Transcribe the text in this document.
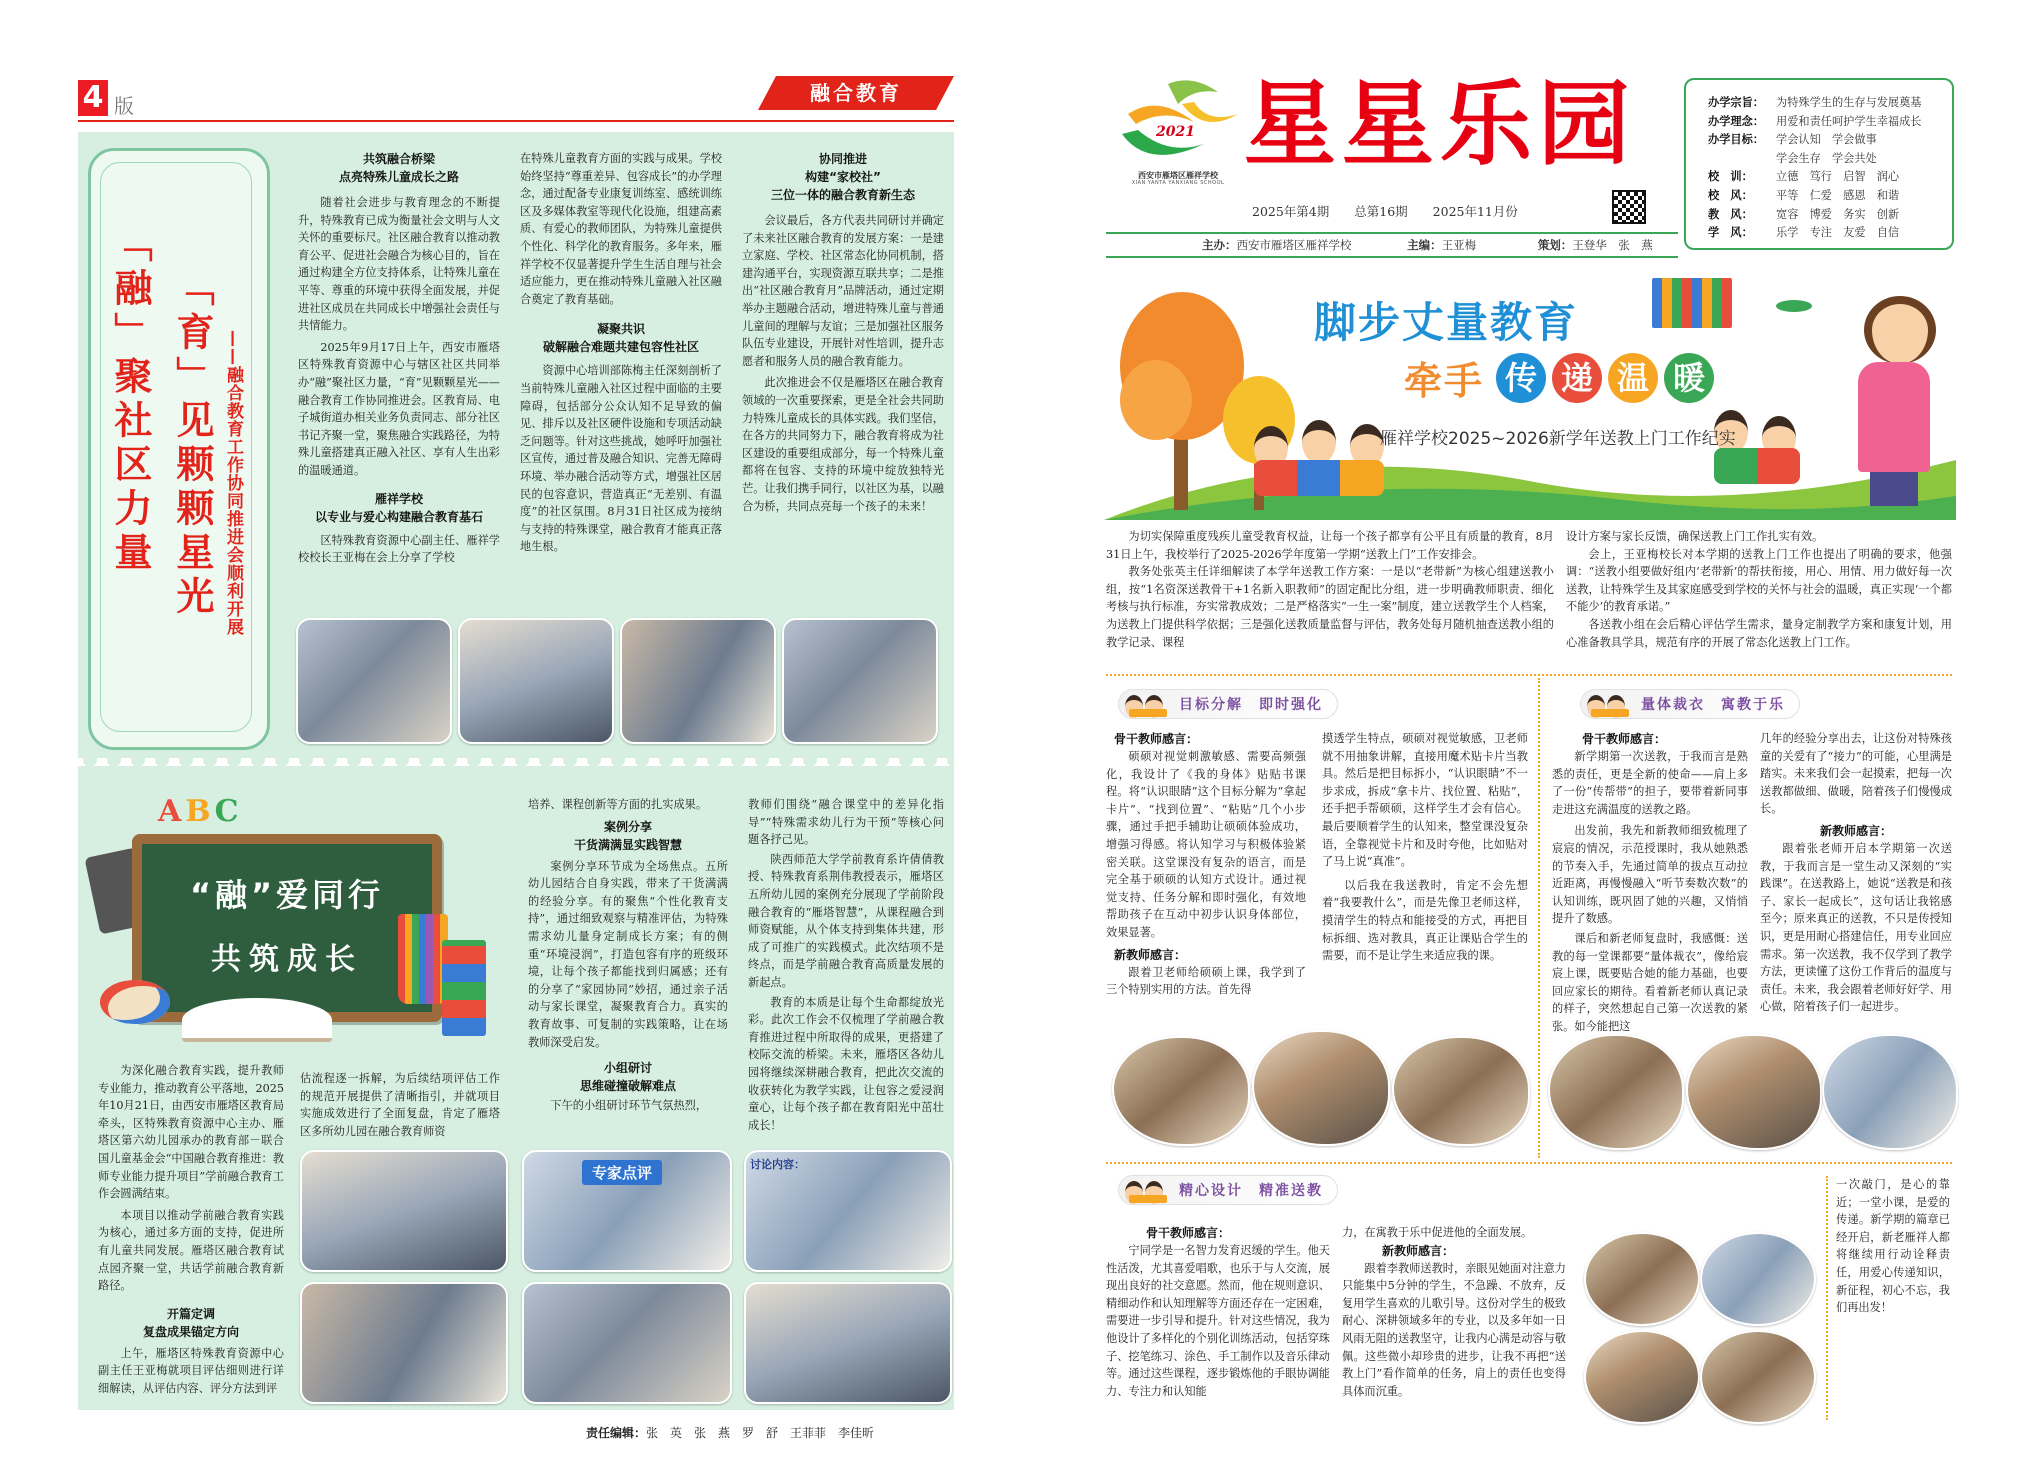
4 版
融合教育
「育」见颗颗星光
「融」聚社区力量	——融合教育工作协同推进会顺利开展
共筑融合桥梁
点亮特殊儿童成长之路

随着社会进步与教育理念的不断提升，特殊教育已成为衡量社会文明与人文关怀的重要标尺。社区融合教育以推动教育公平、促进社会融合为核心目的，旨在通过构建全方位支持体系，让特殊儿童在平等、尊重的环境中获得全面发展，并促进社区成员在共同成长中增强社会责任与共情能力。

2025年9月17日上午，西安市雁塔区特殊教育资源中心与辖区社区共同举办“融”聚社区力量，“育”见颗颗星光——融合教育工作协同推进会。区教育局、电子城街道办相关业务负责同志、部分社区书记齐聚一堂，聚焦融合实践路径，为特殊儿童搭建真正融入社区、享有人生出彩的温暖通道。

雁祥学校
以专业与爱心构建融合教育基石

区特殊教育资源中心副主任、雁祥学校校长王亚梅在会上分享了学校

在特殊儿童教育方面的实践与成果。学校始终坚持“尊重差异、包容成长”的办学理念，通过配备专业康复训练室、感统训练区及多媒体教室等现代化设施，组建高素质、有爱心的教师团队，为特殊儿童提供个性化、科学化的教育服务。多年来，雁祥学校不仅显著提升学生生活自理与社会适应能力，更在推动特殊儿童融入社区融合奠定了教育基础。

凝聚共识
破解融合难题共建包容性社区

资源中心培训部陈梅主任深刻剖析了当前特殊儿童融入社区过程中面临的主要障碍，包括部分公众认知不足导致的偏见、排斥以及社区硬件设施和专项活动缺乏问题等。针对这些挑战，她呼吁加强社区宣传，通过普及融合知识、完善无障碍环境、举办融合活动等方式，增强社区居民的包容意识，营造真正“无差别、有温度”的社区氛围。8月31日社区成为接纳与支持的特殊课堂，融合教育才能真正落地生根。

协同推进
构建“家校社”
三位一体的融合教育新生态

会议最后，各方代表共同研讨并确定了未来社区融合教育的发展方案：一是建立家庭、学校、社区常态化协同机制，搭建沟通平台，实现资源互联共享；二是推出“社区融合教育月”品牌活动，通过定期举办主题融合活动，增进特殊儿童与普通儿童间的理解与友谊；三是加强社区服务队伍专业建设，开展针对性培训，提升志愿者和服务人员的融合教育能力。

此次推进会不仅是雁塔区在融合教育领域的一次重要探索，更是全社会共同助力特殊儿童成长的具体实践。我们坚信，在各方的共同努力下，融合教育将成为社区建设的重要组成部分，每一个特殊儿童都将在包容、支持的环境中绽放独特光芒。让我们携手同行，以社区为基，以融合为桥，共同点亮每一个孩子的未来！

A B C
“融”爱同行
共筑成长

为深化融合教育实践，提升教师专业能力，推动教育公平落地，2025年10月21日，由西安市雁塔区教育局牵头，区特殊教育资源中心主办、雁塔区第六幼儿园承办的教育部－联合国儿童基金会“中国融合教育推进：教师专业能力提升项目”学前融合教育工作会圆满结束。

本项目以推动学前融合教育实践为核心，通过多方面的支持，促进所有儿童共同发展。雁塔区融合教育试点园齐聚一堂，共话学前融合教育新路径。

开篇定调
复盘成果锚定方向

上午，雁塔区特殊教育资源中心副主任王亚梅就项目评估细则进行详细解读，从评估内容、评分方法到评

估流程逐一拆解，为后续结项评估工作的规范开展提供了清晰指引，并就项目实施成效进行了全面复盘，肯定了雁塔区多所幼儿园在融合教育师资

培养、课程创新等方面的扎实成果。

案例分享
干货满满显实践智慧

案例分享环节成为全场焦点。五所幼儿园结合自身实践，带来了干货满满的经验分享。有的聚焦“个性化教育支持”，通过细致观察与精准评估，为特殊需求幼儿量身定制成长方案；有的侧重“环境浸润”，打造包容有序的班级环境，让每个孩子都能找到归属感；还有的分享了“家园协同”妙招，通过亲子活动与家长课堂，凝聚教育合力。真实的教育故事、可复制的实践策略，让在场教师深受启发。

小组研讨
思维碰撞破解难点

下午的小组研讨环节气氛热烈，

教师们围绕“融合课堂中的差异化指导”“特殊需求幼儿行为干预”等核心问题各抒己见。

陕西师范大学学前教育系许倩倩教授、特殊教育系荆伟教授表示，雁塔区五所幼儿园的案例充分展现了学前阶段融合教育的“雁塔智慧”，从课程融合到师资赋能，从个体支持到集体共建，形成了可推广的实践模式。此次结项不是终点，而是学前融合教育高质量发展的新起点。

教育的本质是让每个生命都绽放光彩。此次工作会不仅梳理了学前融合教育推进过程中所取得的成果，更搭建了校际交流的桥梁。未来，雁塔区各幼儿园将继续深耕融合教育，把此次交流的收获转化为教学实践，让包容之爱浸润童心，让每个孩子都在教育阳光中茁壮成长！

专家点评	讨论内容：
责任编辑：张　英　张　燕　罗　舒　王菲菲　李佳昕
2021
西安市雁塔区雁祥学校
XIAN YANTA YANXIANG SCHOOL
星星乐园
2025年第4期　　总第16期　　2025年11月份
办学宗旨：	为特殊学生的生存与发展奠基
办学理念：	用爱和责任呵护学生幸福成长
办学目标：	学会认知　学会做事
学会生存　学会共处
校　训：	立德　笃行　启智　润心
校　风：	平等　仁爱　感恩　和谐
教　风：	宽容　博爱　务实　创新
学　风：	乐学　专注　友爱　自信
主办：西安市雁塔区雁祥学校	主编：王亚梅	策划：王登华　张　燕
脚步丈量教育
牵手 传 递 温 暖
雁祥学校2025~2026新学年送教上门工作纪实

为切实保障重度残疾儿童受教育权益，让每一个孩子都享有公平且有质量的教育，8月31日上午，我校举行了2025-2026学年度第一学期“送教上门”工作安排会。

教务处张英主任详细解读了本学年送教工作方案：一是以“老带新”为核心组建送教小组，按“1名资深送教骨干+1名新入职教师”的固定配比分组，进一步明确教师职责、细化考核与执行标准，夯实常教成效；二是严格落实“一生一案”制度，建立送教学生个人档案，为送教上门提供科学依据；三是强化送教质量监督与评估，教务处每月随机抽查送教小组的教学记录、课程

设计方案与家长反馈，确保送教上门工作扎实有效。

会上，王亚梅校长对本学期的送教上门工作也提出了明确的要求，他强调：“送教小组要做好组内‘老带新’的帮扶衔接，用心、用情、用力做好每一次送教，让特殊学生及其家庭感受到学校的关怀与社会的温暖，真正实现‘一个都不能少’的教育承诺。”

各送教小组在会后精心评估学生需求，量身定制教学方案和康复计划，用心准备教具学具，规范有序的开展了常态化送教上门工作。

目标分解　即时强化
骨干教师感言：

硕硕对视觉刺激敏感、需要高频强化，我设计了《我的身体》贴贴书课程。将“认识眼睛”这个目标分解为“拿起卡片”、“找到位置”、“粘贴”几个小步骤，通过手把手辅助让硕硕体验成功，增强习得感。将认知学习与积极体验紧密关联。这堂课没有复杂的语言，而是完全基于硕硕的认知方式设计。通过视觉支持、任务分解和即时强化，有效地帮助孩子在互动中初步认识身体部位，效果显著。

新教师感言：

跟着卫老师给硕硕上课，我学到了三个特别实用的方法。首先得

摸透学生特点，硕硕对视觉敏感，卫老师就不用抽象讲解，直接用魔术贴卡片当教具。然后是把目标拆小，“认识眼睛”不一步求成，拆成“拿卡片、找位置、粘贴”，还手把手帮硕硕，这样学生才会有信心。最后要顺着学生的认知来，整堂课没复杂语，全靠视觉卡片和及时夸他，比如贴对了马上说“真准”。

以后我在我送教时，肯定不会先想着“我要教什么”，而是先像卫老师这样，摸清学生的特点和能接受的方式，再把目标拆细、选对教具，真正让课贴合学生的需要，而不是让学生来适应我的课。

量体裁衣　寓教于乐
骨干教师感言：

新学期第一次送教，于我而言是熟悉的责任，更是全新的使命——肩上多了一份“传帮带”的担子，要带着新同事走进这充满温度的送教之路。

出发前，我先和新教师细致梳理了宸宸的情况，示范授课时，我从她熟悉的节奏入手，先通过简单的拔点互动拉近距离，再慢慢融入“听节奏数次数”的认知训练，既巩固了她的兴趣，又悄悄提升了数感。

课后和新老师复盘时，我感慨：送教的每一堂课都要“量体裁衣”，像给宸宸上课，既要贴合她的能力基础，也要回应家长的期待。看着新老师认真记录的样子，突然想起自己第一次送教的紧张。如今能把这

几年的经验分享出去，让这份对特殊孩童的关爱有了“接力”的可能，心里满是踏实。未来我们会一起摸索，把每一次送教都做细、做暖，陪着孩子们慢慢成长。

新教师感言：

跟着张老师开启本学期第一次送教，于我而言是一堂生动又深刻的“实践课”。在送教路上，她说“送教是和孩子、家长一起成长”，这句话让我铭感至今；原来真正的送教，不只是传授知识，更是用耐心搭建信任，用专业回应需求。第一次送教，我不仅学到了教学方法，更读懂了这份工作背后的温度与责任。未来，我会跟着老师好好学、用心做，陪着孩子们一起进步。

精心设计　精准送教
骨干教师感言：

宁同学是一名智力发育迟缓的学生。他天性活泼，尤其喜爱唱歌，也乐于与人交流，展现出良好的社交意愿。然而，他在规则意识、精细动作和认知理解等方面还存在一定困难，需要进一步引导和提升。针对这些情况，我为他设计了多样化的个别化训练活动，包括穿珠子、挖笔练习、涂色、手工制作以及音乐律动等。通过这些课程，逐步锻炼他的手眼协调能力、专注力和认知能

力，在寓教于乐中促进他的全面发展。

新教师感言：

跟着李教师送教时，亲眼见她面对注意力只能集中5分钟的学生，不急躁、不放弃，反复用学生喜欢的儿歌引导。这份对学生的极致耐心、深耕领域多年的专业，以及多年如一日风雨无阻的送教坚守，让我内心满是动容与敬佩。这些微小却珍贵的进步，让我不再把“送教上门”看作简单的任务，肩上的责任也变得具体而沉重。

一次敲门，是心的靠近；一堂小课，是爱的传递。新学期的篇章已经开启，新老雁祥人都将继续用行动诠释责任，用爱心传递知识，新征程，初心不忘，我们再出发！
